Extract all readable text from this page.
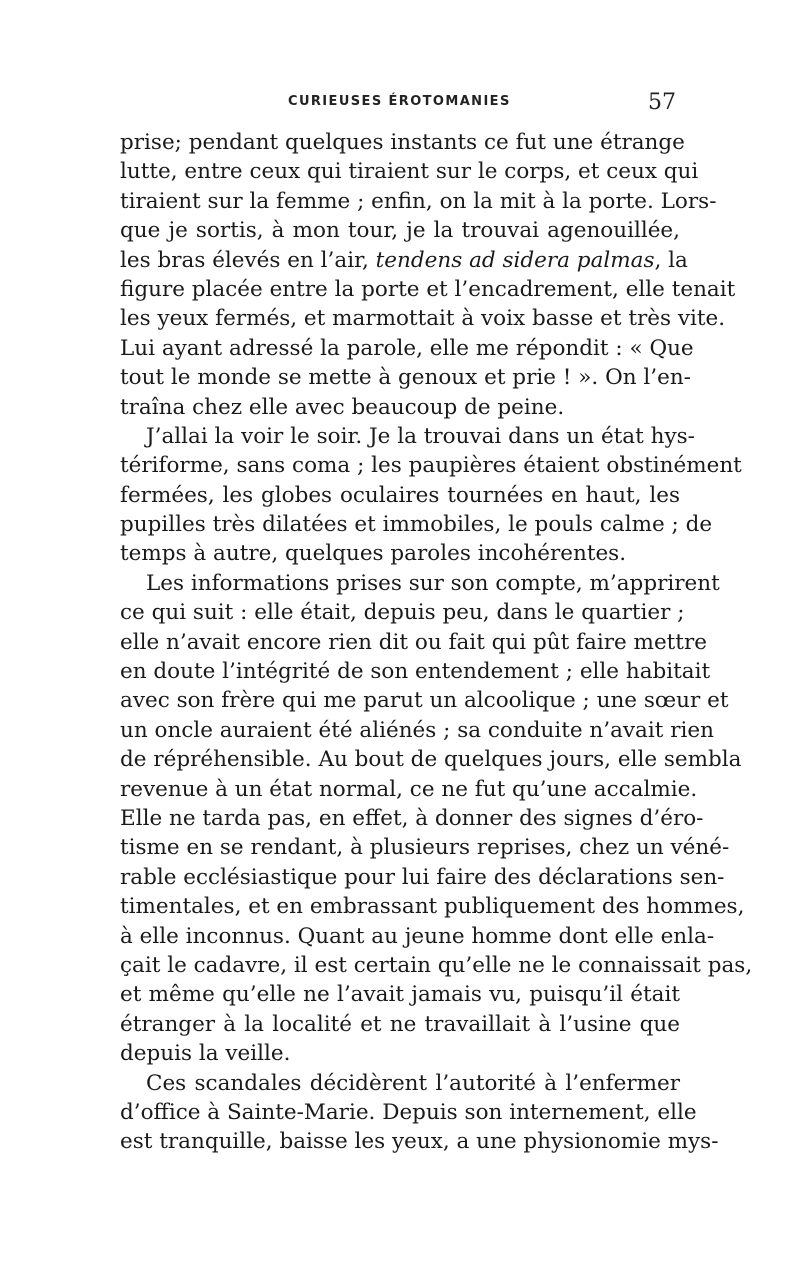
CURIEUSES ÉROTOMANIES	57
prise; pendant quelques instants ce fut une étrange
lutte, entre ceux qui tiraient sur le corps, et ceux qui
tiraient sur la femme ; enfin, on la mit à la porte. Lors-
que je sortis, à mon tour, je la trouvai agenouillée,
les bras élevés en l’air, tendens ad sidera palmas, la
figure placée entre la porte et l’encadrement, elle tenait
les yeux fermés, et marmottait à voix basse et très vite.
Lui ayant adressé la parole, elle me répondit : « Que
tout le monde se mette à genoux et prie ! ». On l’en-
traîna chez elle avec beaucoup de peine.
J’allai la voir le soir. Je la trouvai dans un état hys-
tériforme, sans coma ; les paupières étaient obstinément
fermées, les globes oculaires tournées en haut, les
pupilles très dilatées et immobiles, le pouls calme ; de
temps à autre, quelques paroles incohérentes.
Les informations prises sur son compte, m’apprirent
ce qui suit : elle était, depuis peu, dans le quartier ;
elle n’avait encore rien dit ou fait qui pût faire mettre
en doute l’intégrité de son entendement ; elle habitait
avec son frère qui me parut un alcoolique ; une sœur et
un oncle auraient été aliénés ; sa conduite n’avait rien
de répréhensible. Au bout de quelques jours, elle sembla
revenue à un état normal, ce ne fut qu’une accalmie.
Elle ne tarda pas, en effet, à donner des signes d’éro-
tisme en se rendant, à plusieurs reprises, chez un véné-
rable ecclésiastique pour lui faire des déclarations sen-
timentales, et en embrassant publiquement des hommes,
à elle inconnus. Quant au jeune homme dont elle enla-
çait le cadavre, il est certain qu’elle ne le connaissait pas,
et même qu’elle ne l’avait jamais vu, puisqu’il était
étranger à la localité et ne travaillait à l’usine que
depuis la veille.
Ces scandales décidèrent l’autorité à l’enfermer
d’office à Sainte-Marie. Depuis son internement, elle
est tranquille, baisse les yeux, a une physionomie mys-
